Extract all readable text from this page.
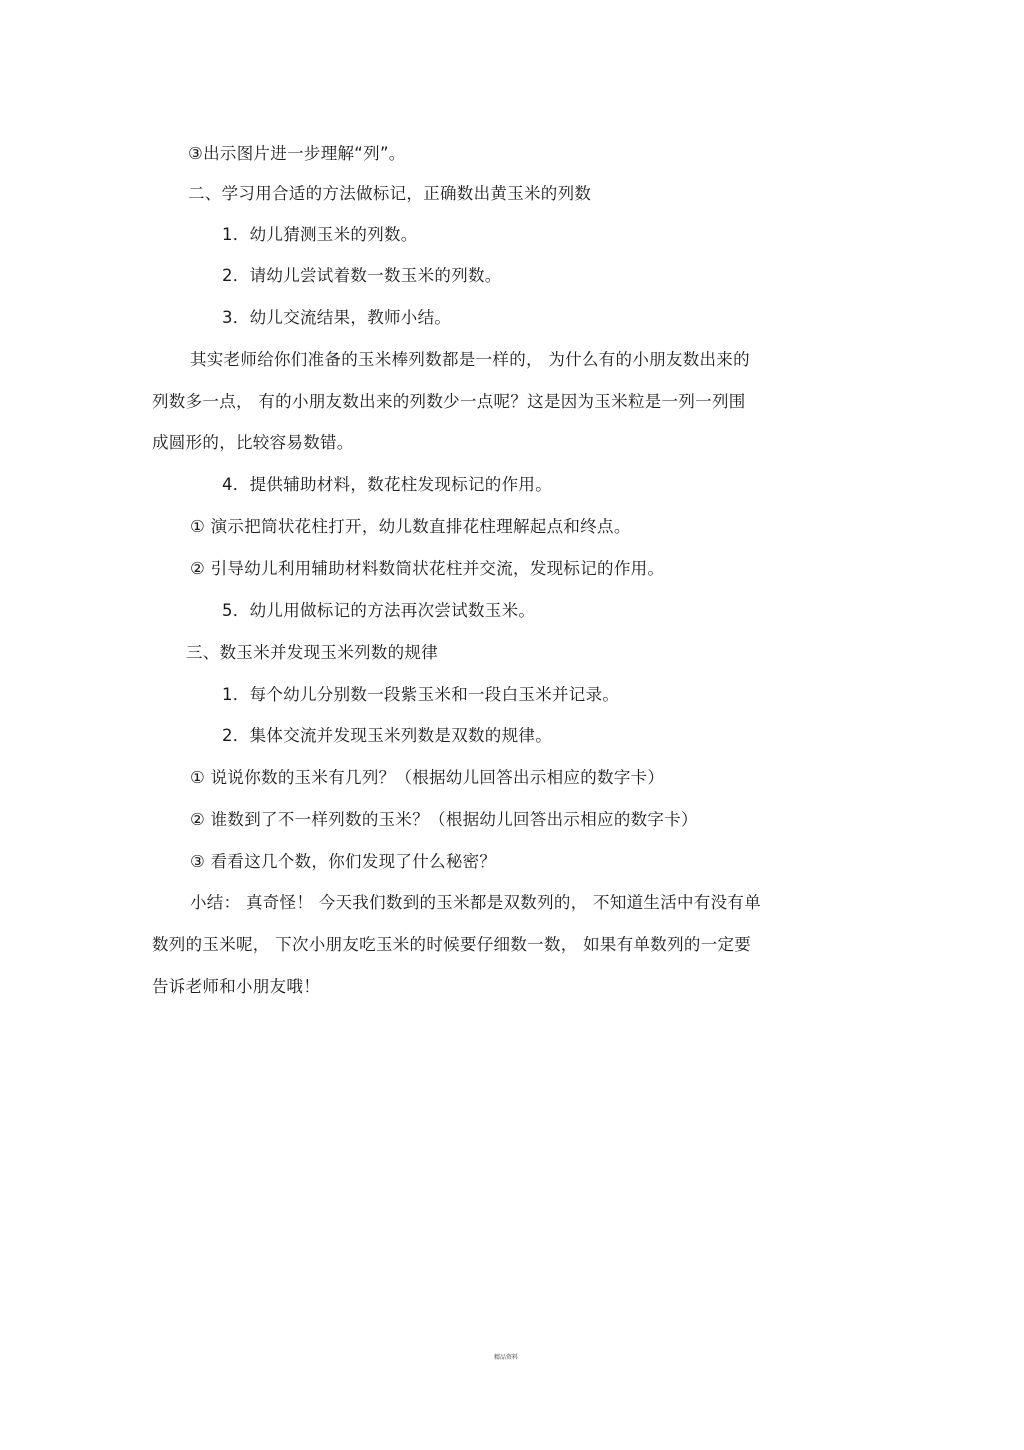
③出示图片进一步理解“列”。
二、学习用合适的方法做标记，正确数出黄玉米的列数
1．幼儿猜测玉米的列数。
2．请幼儿尝试着数一数玉米的列数。
3．幼儿交流结果，教师小结。
其实老师给你们准备的玉米棒列数都是一样的， 为什么有的小朋友数出来的
列数多一点， 有的小朋友数出来的列数少一点呢？这是因为玉米粒是一列一列围
成圆形的，比较容易数错。
4．提供辅助材料，数花柱发现标记的作用。
① 演示把筒状花柱打开，幼儿数直排花柱理解起点和终点。
② 引导幼儿利用辅助材料数筒状花柱并交流，发现标记的作用。
5．幼儿用做标记的方法再次尝试数玉米。
三、数玉米并发现玉米列数的规律
1．每个幼儿分别数一段紫玉米和一段白玉米并记录。
2．集体交流并发现玉米列数是双数的规律。
① 说说你数的玉米有几列？（根据幼儿回答出示相应的数字卡）
② 谁数到了不一样列数的玉米？（根据幼儿回答出示相应的数字卡）
③ 看看这几个数，你们发现了什么秘密？
小结： 真奇怪！ 今天我们数到的玉米都是双数列的， 不知道生活中有没有单
数列的玉米呢， 下次小朋友吃玉米的时候要仔细数一数， 如果有单数列的一定要
告诉老师和小朋友哦！
精品资料
